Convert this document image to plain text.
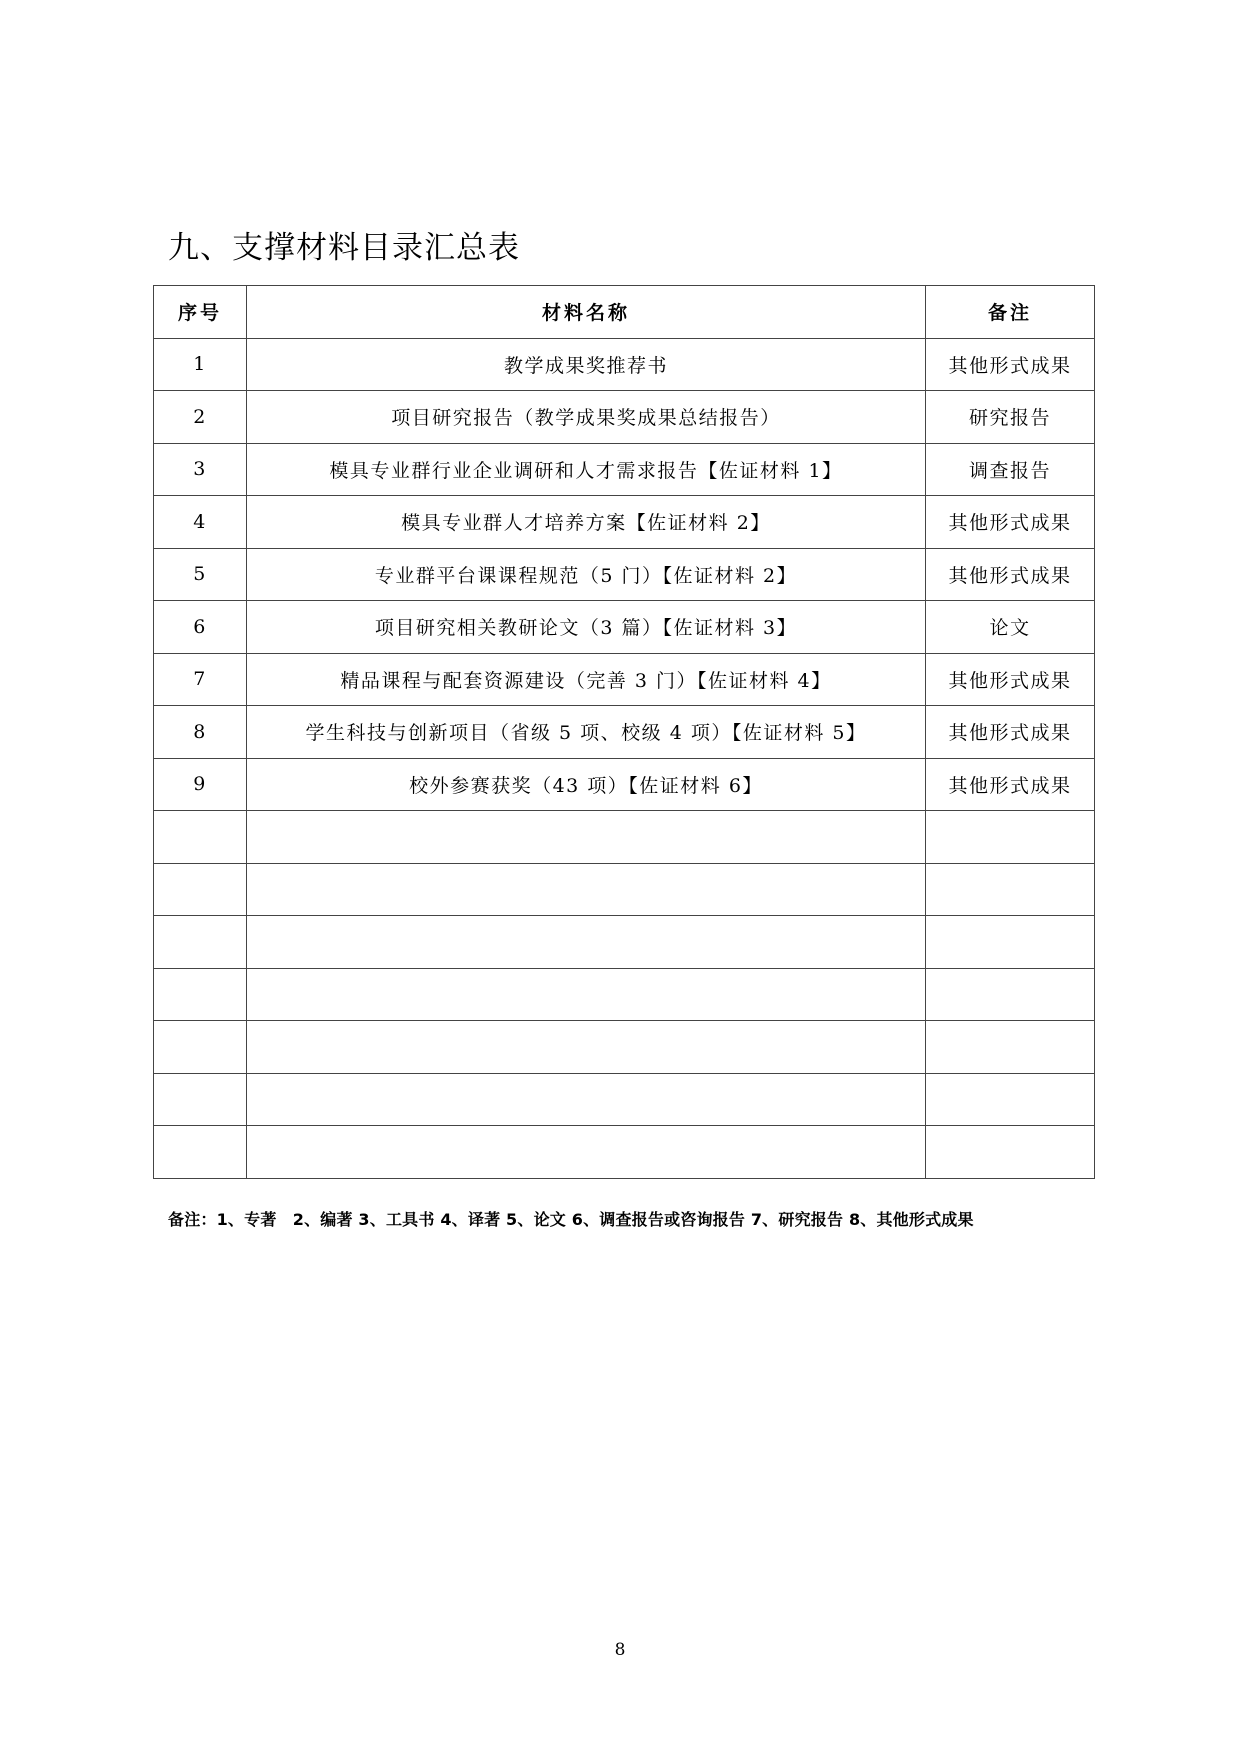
九、支撑材料目录汇总表
序号	材料名称	备注
1	教学成果奖推荐书	其他形式成果
2	项目研究报告（教学成果奖成果总结报告）	研究报告
3	模具专业群行业企业调研和人才需求报告【佐证材料 1】	调查报告
4	模具专业群人才培养方案【佐证材料 2】	其他形式成果
5	专业群平台课课程规范（5 门）【佐证材料 2】	其他形式成果
6	项目研究相关教研论文（3 篇）【佐证材料 3】	论文
7	精品课程与配套资源建设（完善 3 门）【佐证材料 4】	其他形式成果
8	学生科技与创新项目（省级 5 项、校级 4 项）【佐证材料 5】	其他形式成果
9	校外参赛获奖（43 项）【佐证材料 6】	其他形式成果

备注：1、专著　2、编著 3、工具书 4、译著 5、论文 6、调查报告或咨询报告 7、研究报告 8、其他形式成果
8
